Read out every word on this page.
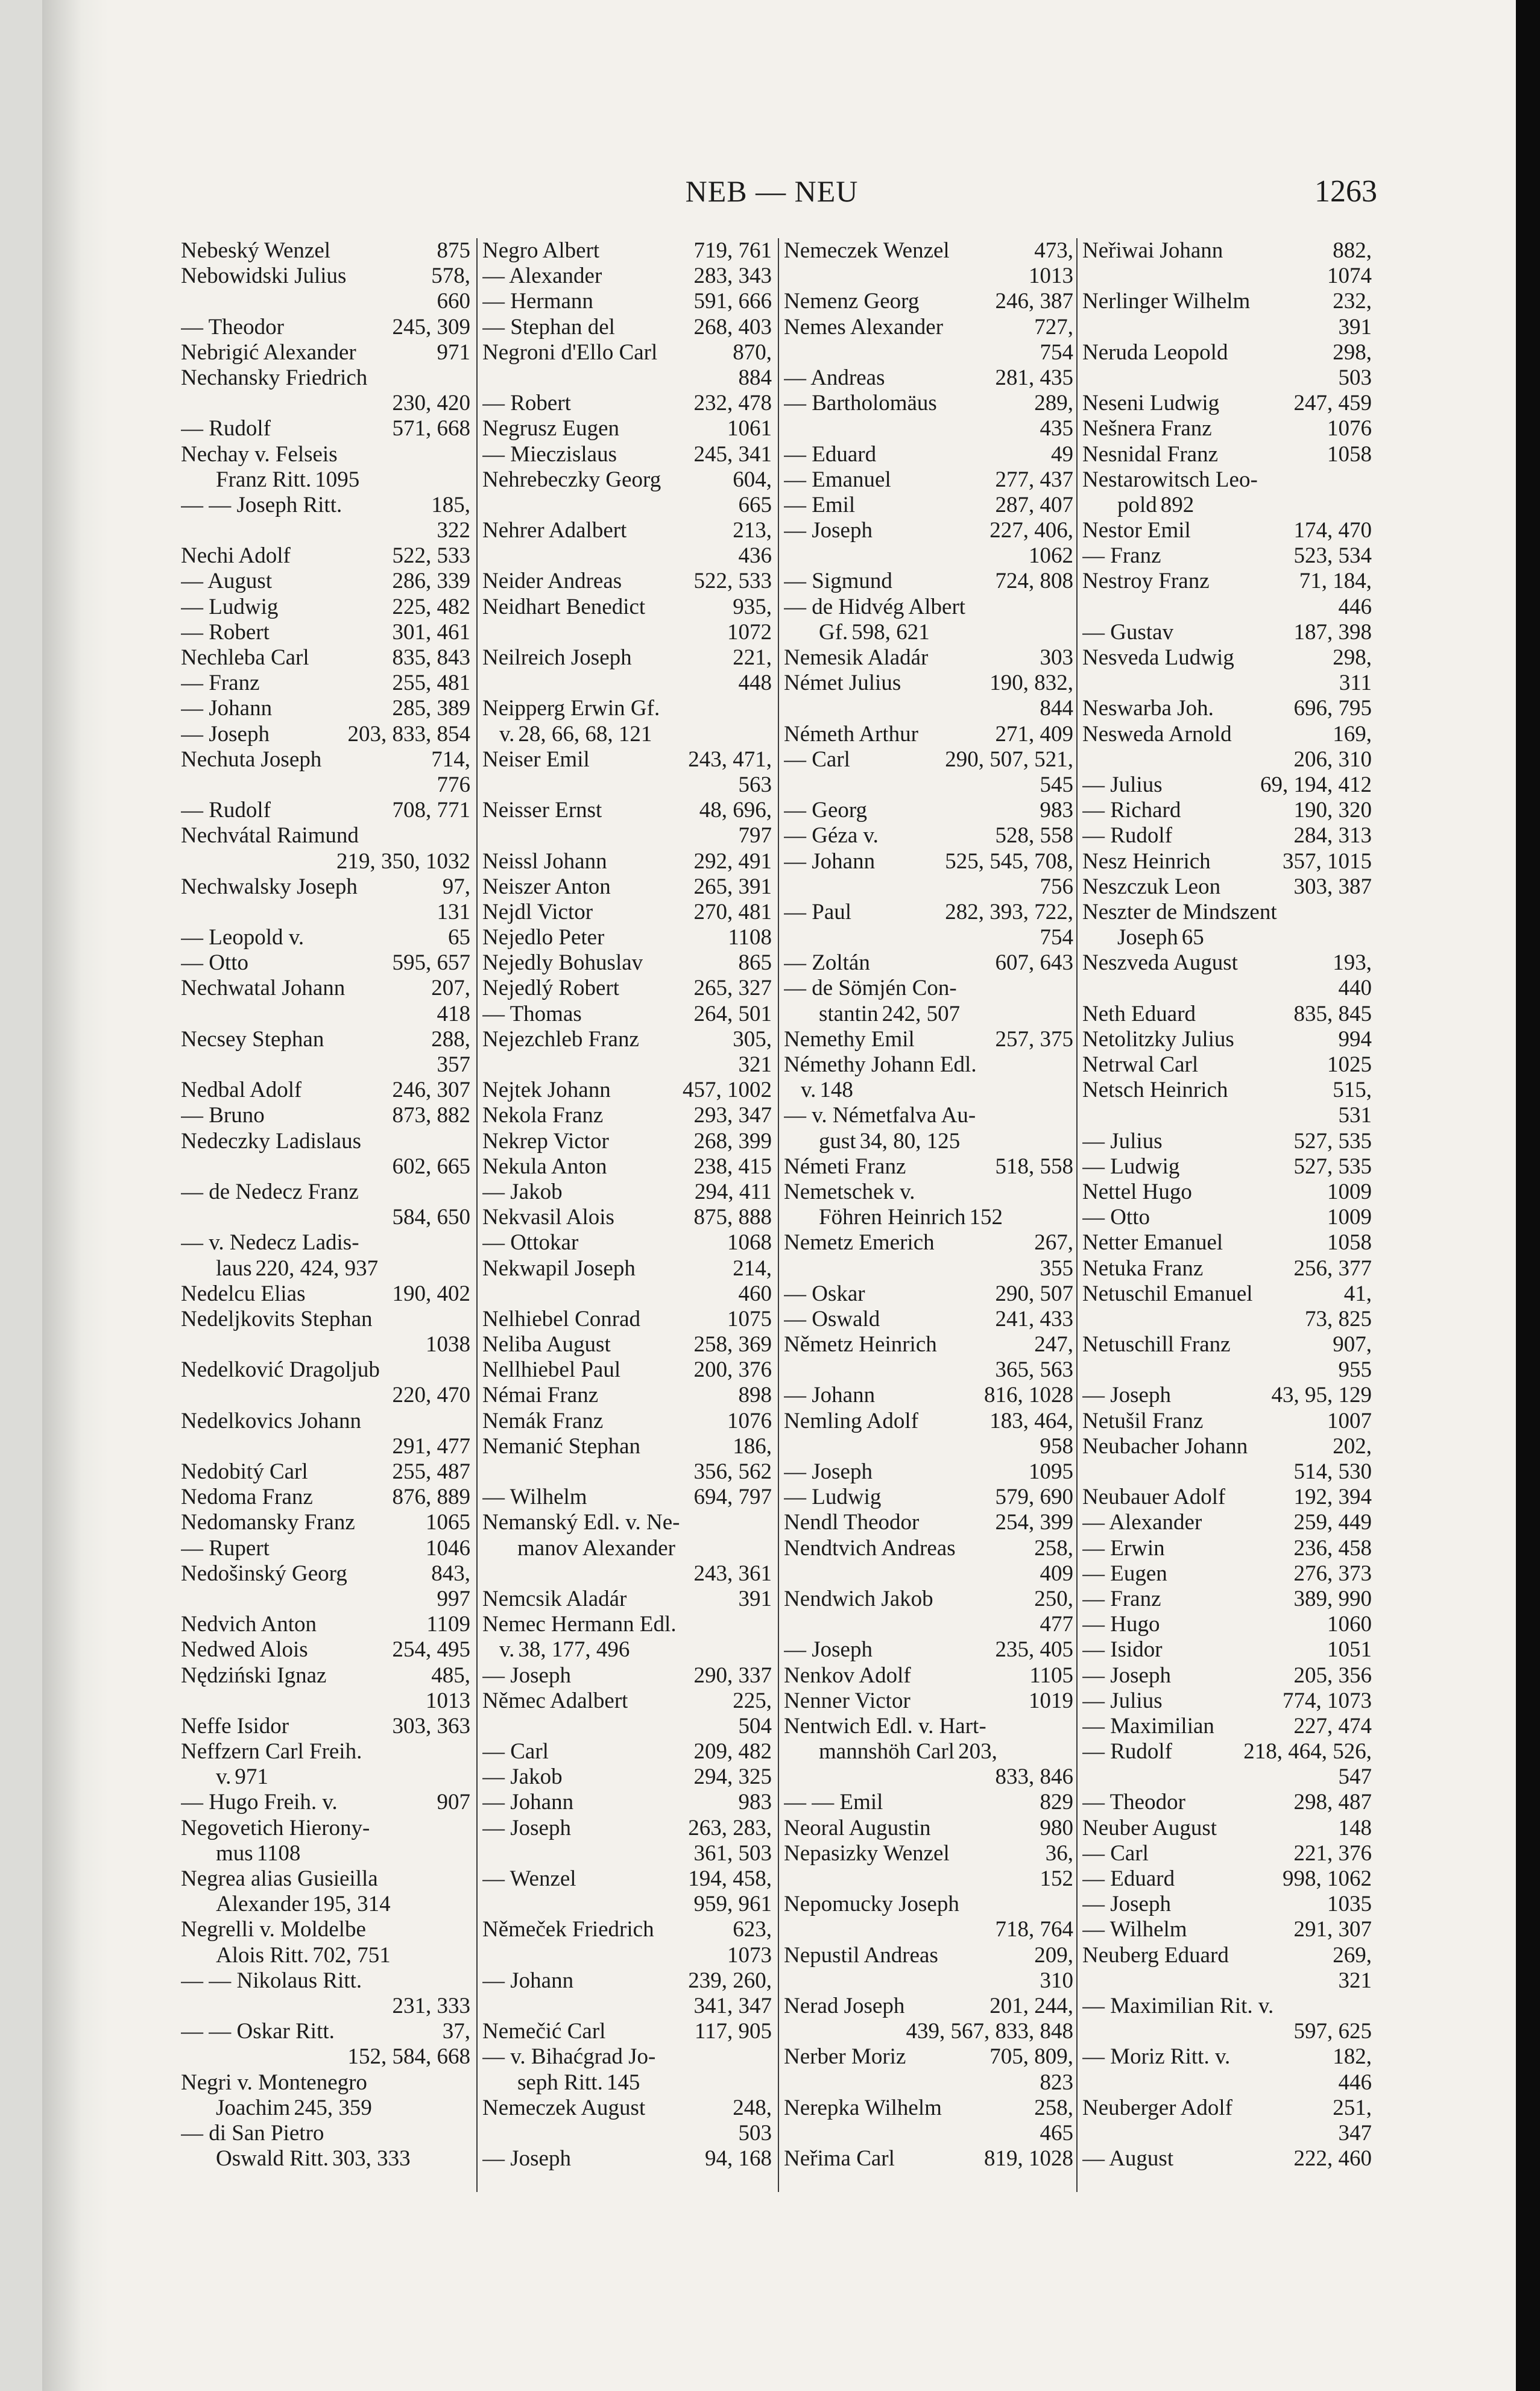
NEB — NEU	1263
Nebeský Wenzel	875
Nebowidski Julius	578,
660
— Theodor	245, 309
Nebrigić Alexander	971
Nechansky Friedrich
230, 420
— Rudolf	571, 668
Nechay v. Felseis
Franz Ritt. 1095
— — Joseph Ritt.	185,
322
Nechi Adolf	522, 533
— August	286, 339
— Ludwig	225, 482
— Robert	301, 461
Nechleba Carl	835, 843
— Franz	255, 481
— Johann	285, 389
— Joseph	203, 833, 854
Nechuta Joseph	714,
776
— Rudolf	708, 771
Nechvátal Raimund
219, 350, 1032
Nechwalsky Joseph	97,
131
— Leopold v.	65
— Otto	595, 657
Nechwatal Johann	207,
418
Necsey Stephan	288,
357
Nedbal Adolf	246, 307
— Bruno	873, 882
Nedeczky Ladislaus
602, 665
— de Nedecz Franz
584, 650
— v. Nedecz Ladis-
laus 220, 424, 937
Nedelcu Elias	190, 402
Nedeljkovits Stephan
1038
Nedelković Dragoljub
220, 470
Nedelkovics Johann
291, 477
Nedobitý Carl	255, 487
Nedoma Franz	876, 889
Nedomansky Franz	1065
— Rupert	1046
Nedošinský Georg	843,
997
Nedvich Anton	1109
Nedwed Alois	254, 495
Nędziński Ignaz	485,
1013
Neffe Isidor	303, 363
Neffzern Carl Freih.
v. 971
— Hugo Freih. v.	907
Negovetich Hierony-
mus 1108
Negrea alias Gusieilla
Alexander 195, 314
Negrelli v. Moldelbe
Alois Ritt. 702, 751
— — Nikolaus Ritt.
231, 333
— — Oskar Ritt.	37,
152, 584, 668
Negri v. Montenegro
Joachim 245, 359
— di San Pietro
Oswald Ritt. 303, 333
Negro Albert	719, 761
— Alexander	283, 343
— Hermann	591, 666
— Stephan del	268, 403
Negroni d'Ello Carl	870,
884
— Robert	232, 478
Negrusz Eugen	1061
— Mieczislaus	245, 341
Nehrebeczky Georg	604,
665
Nehrer Adalbert	213,
436
Neider Andreas	522, 533
Neidhart Benedict	935,
1072
Neilreich Joseph	221,
448
Neipperg Erwin Gf.
v. 28, 66, 68, 121
Neiser Emil	243, 471,
563
Neisser Ernst	48, 696,
797
Neissl Johann	292, 491
Neiszer Anton	265, 391
Nejdl Victor	270, 481
Nejedlo Peter	1108
Nejedly Bohuslav	865
Nejedlý Robert	265, 327
— Thomas	264, 501
Nejezchleb Franz	305,
321
Nejtek Johann	457, 1002
Nekola Franz	293, 347
Nekrep Victor	268, 399
Nekula Anton	238, 415
— Jakob	294, 411
Nekvasil Alois	875, 888
— Ottokar	1068
Nekwapil Joseph	214,
460
Nelhiebel Conrad	1075
Neliba August	258, 369
Nellhiebel Paul	200, 376
Némai Franz	898
Nemák Franz	1076
Nemanić Stephan	186,
356, 562
— Wilhelm	694, 797
Nemanský Edl. v. Ne-
manov Alexander
243, 361
Nemcsik Aladár	391
Nemec Hermann Edl.
v. 38, 177, 496
— Joseph	290, 337
Němec Adalbert	225,
504
— Carl	209, 482
— Jakob	294, 325
— Johann	983
— Joseph	263, 283,
361, 503
— Wenzel	194, 458,
959, 961
Němeček Friedrich	623,
1073
— Johann	239, 260,
341, 347
Nemečić Carl	117, 905
— v. Bihaćgrad Jo-
seph Ritt. 145
Nemeczek August	248,
503
— Joseph	94, 168
Nemeczek Wenzel	473,
1013
Nemenz Georg	246, 387
Nemes Alexander	727,
754
— Andreas	281, 435
— Bartholomäus	289,
435
— Eduard	49
— Emanuel	277, 437
— Emil	287, 407
— Joseph	227, 406,
1062
— Sigmund	724, 808
— de Hidvég Albert
Gf. 598, 621
Nemesik Aladár	303
Német Julius	190, 832,
844
Németh Arthur	271, 409
— Carl	290, 507, 521,
545
— Georg	983
— Géza v.	528, 558
— Johann	525, 545, 708,
756
— Paul	282, 393, 722,
754
— Zoltán	607, 643
— de Sömjén Con-
stantin 242, 507
Nemethy Emil	257, 375
Némethy Johann Edl.
v. 148
— v. Németfalva Au-
gust 34, 80, 125
Németi Franz	518, 558
Nemetschek v.
Föhren Heinrich 152
Nemetz Emerich	267,
355
— Oskar	290, 507
— Oswald	241, 433
Němetz Heinrich	247,
365, 563
— Johann	816, 1028
Nemling Adolf	183, 464,
958
— Joseph	1095
— Ludwig	579, 690
Nendl Theodor	254, 399
Nendtvich Andreas	258,
409
Nendwich Jakob	250,
477
— Joseph	235, 405
Nenkov Adolf	1105
Nenner Victor	1019
Nentwich Edl. v. Hart-
mannshöh Carl 203,
833, 846
— — Emil	829
Neoral Augustin	980
Nepasizky Wenzel	36,
152
Nepomucky Joseph
718, 764
Nepustil Andreas	209,
310
Nerad Joseph	201, 244,
439, 567, 833, 848
Nerber Moriz	705, 809,
823
Nerepka Wilhelm	258,
465
Neřima Carl	819, 1028
Neřiwai Johann	882,
1074
Nerlinger Wilhelm	232,
391
Neruda Leopold	298,
503
Neseni Ludwig	247, 459
Nešnera Franz	1076
Nesnidal Franz	1058
Nestarowitsch Leo-
pold 892
Nestor Emil	174, 470
— Franz	523, 534
Nestroy Franz	71, 184,
446
— Gustav	187, 398
Nesveda Ludwig	298,
311
Neswarba Joh.	696, 795
Nesweda Arnold	169,
206, 310
— Julius	69, 194, 412
— Richard	190, 320
— Rudolf	284, 313
Nesz Heinrich	357, 1015
Neszczuk Leon	303, 387
Neszter de Mindszent
Joseph 65
Neszveda August	193,
440
Neth Eduard	835, 845
Netolitzky Julius	994
Netrwal Carl	1025
Netsch Heinrich	515,
531
— Julius	527, 535
— Ludwig	527, 535
Nettel Hugo	1009
— Otto	1009
Netter Emanuel	1058
Netuka Franz	256, 377
Netuschil Emanuel	41,
73, 825
Netuschill Franz	907,
955
— Joseph	43, 95, 129
Netušil Franz	1007
Neubacher Johann	202,
514, 530
Neubauer Adolf	192, 394
— Alexander	259, 449
— Erwin	236, 458
— Eugen	276, 373
— Franz	389, 990
— Hugo	1060
— Isidor	1051
— Joseph	205, 356
— Julius	774, 1073
— Maximilian	227, 474
— Rudolf	218, 464, 526,
547
— Theodor	298, 487
Neuber August	148
— Carl	221, 376
— Eduard	998, 1062
— Joseph	1035
— Wilhelm	291, 307
Neuberg Eduard	269,
321
— Maximilian Rit. v.
597, 625
— Moriz Ritt. v.	182,
446
Neuberger Adolf	251,
347
— August	222, 460
